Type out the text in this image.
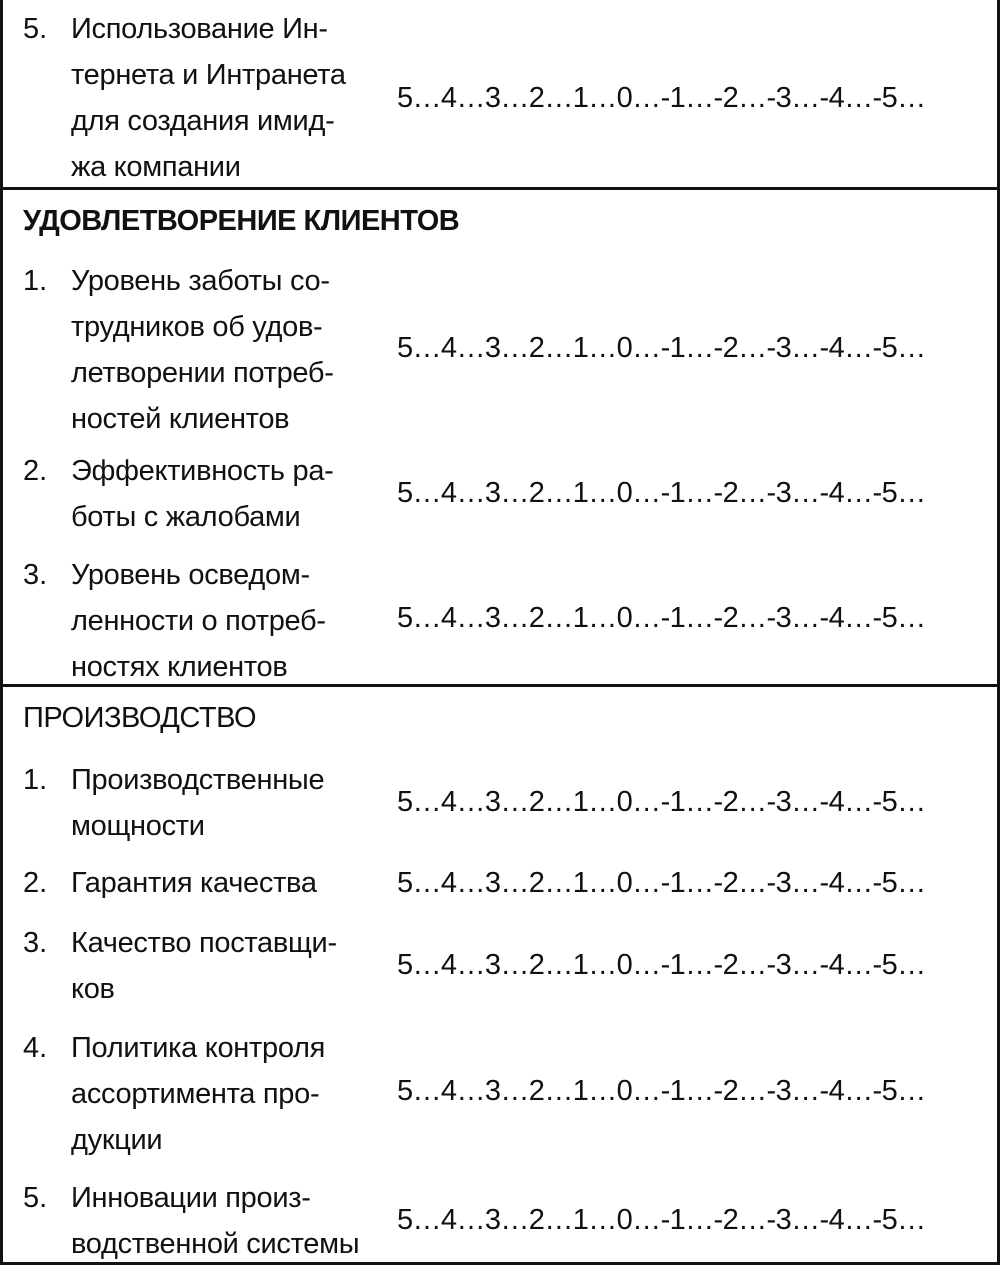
5. Использование Ин-
тернета и Интранета
для создания имид-
жа компании
5…4…3…2…1…0…-1…-2…-3…-4…-5…
УДОВЛЕТВОРЕНИЕ КЛИЕНТОВ
1. Уровень заботы со-
трудников об удов-
летворении потреб-
ностей клиентов
5…4…3…2…1…0…-1…-2…-3…-4…-5…
2. Эффективность ра-
боты с жалобами
5…4…3…2…1…0…-1…-2…-3…-4…-5…
3. Уровень осведом-
ленности о потреб-
ностях клиентов
5…4…3…2…1…0…-1…-2…-3…-4…-5…
ПРОИЗВОДСТВО
1. Производственные
мощности
5…4…3…2…1…0…-1…-2…-3…-4…-5…
2. Гарантия качества	5…4…3…2…1…0…-1…-2…-3…-4…-5…
3. Качество поставщи-
ков
5…4…3…2…1…0…-1…-2…-3…-4…-5…
4. Политика контроля
ассортимента про-
дукции
5…4…3…2…1…0…-1…-2…-3…-4…-5…
5. Инновации произ-
водственной системы
5…4…3…2…1…0…-1…-2…-3…-4…-5…
